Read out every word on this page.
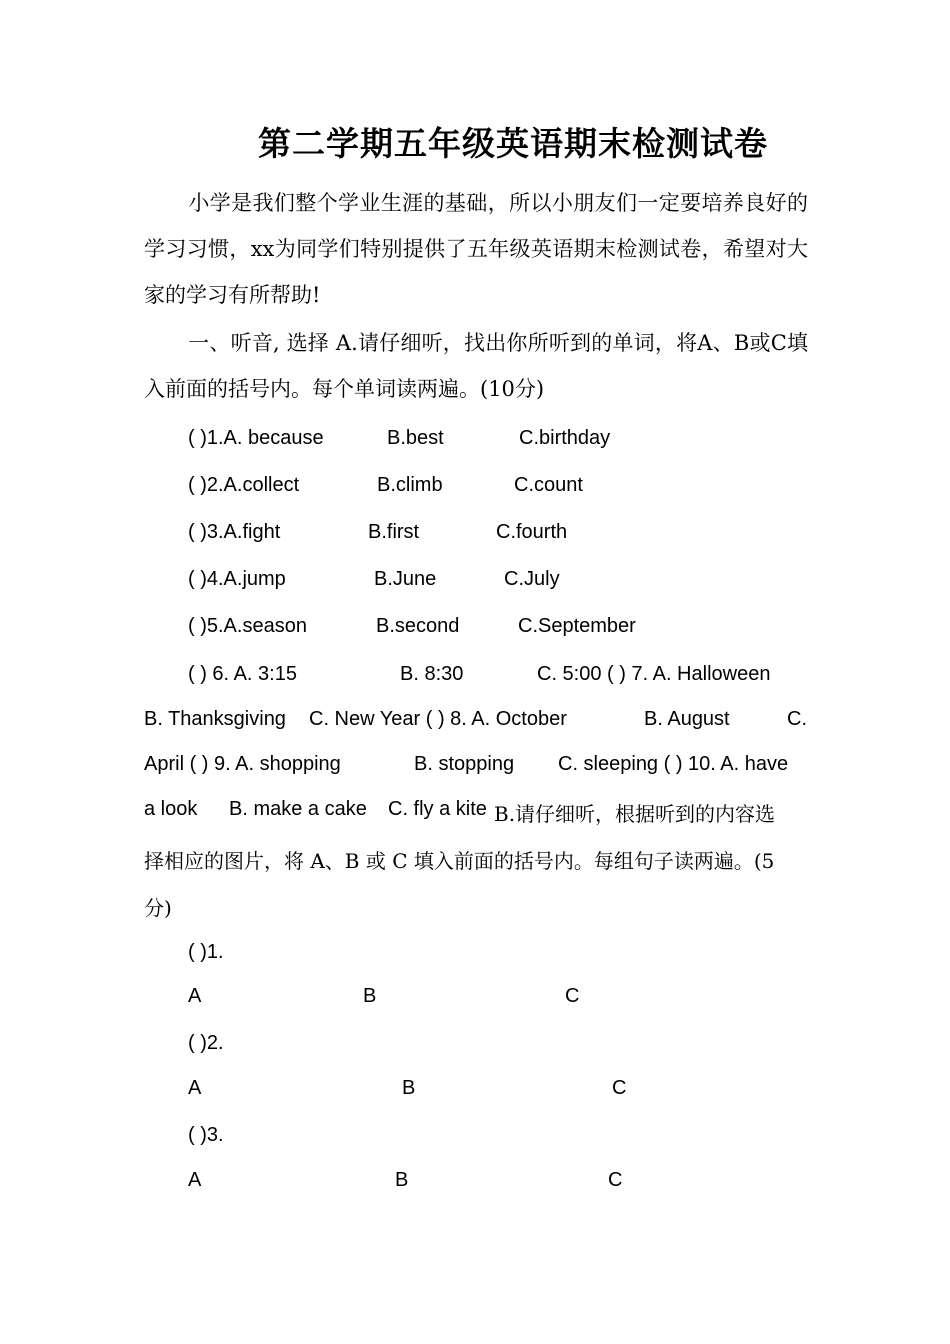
第二学期五年级英语期末检测试卷
小学是我们整个学业生涯的基础，所以小朋友们一定要培养良好的学习习惯，xx为同学们特别提供了五年级英语期末检测试卷，希望对大家的学习有所帮助!
一、听音, 选择 A.请仔细听，找出你所听到的单词，将A、B或C填入前面的括号内。每个单词读两遍。(10分)
( )1.A. because	B.best	C.birthday
( )2.A.collect	B.climb	C.count
( )3.A.fight	B.first	C.fourth
( )4.A.jump	B.June	C.July
( )5.A.season	B.second	C.September
( ) 6. A. 3:15	B. 8:30	C. 5:00 ( ) 7. A. Halloween
B. Thanksgiving C. New Year ( ) 8. A. October	B. August	C.
April ( ) 9. A. shopping	B. stopping C. sleeping ( ) 10. A. have
a look B. make a cake C. fly a kite B.请仔细听，根据听到的内容选
择相应的图片，将 A、B 或 C 填入前面的括号内。每组句子读两遍。(5
分)
( )1.
A	B	C
( )2.
A	B	C
( )3.
A	B	C
